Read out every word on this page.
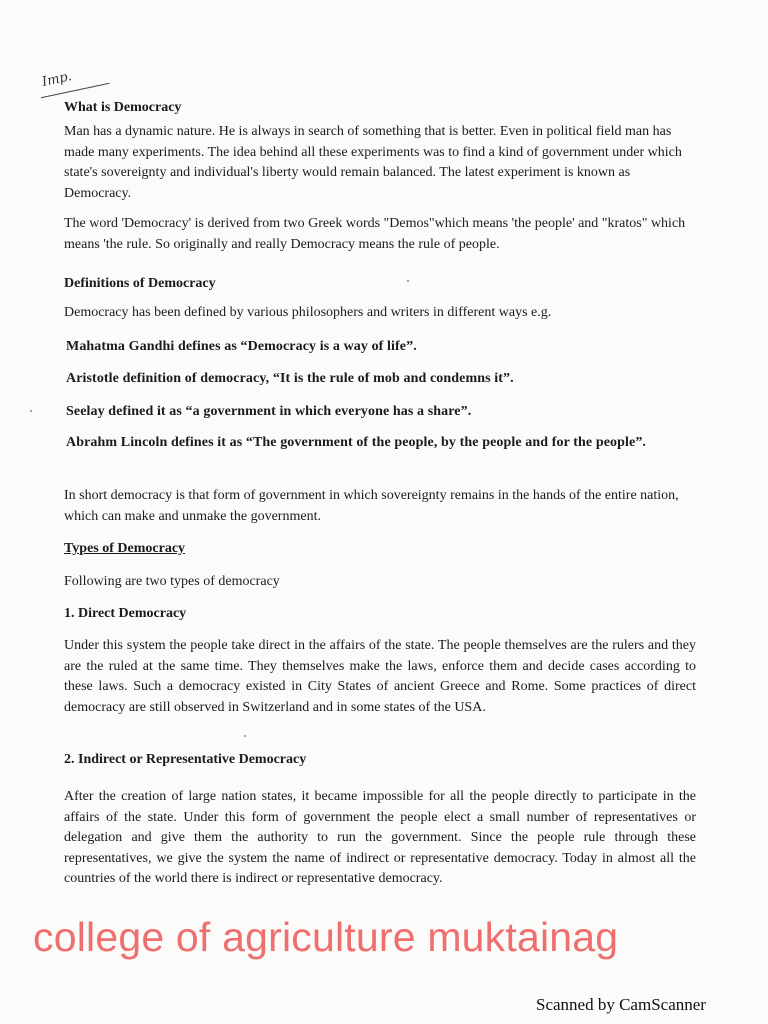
Imp.
What is Democracy
Man has a dynamic nature. He is always in search of something that is better. Even in political field man has made many experiments. The idea behind all these experiments was to find a kind of government under which state's sovereignty and individual's liberty would remain balanced. The latest experiment is known as Democracy.
The word 'Democracy' is derived from two Greek words "Demos"which means 'the people' and "kratos" which means 'the rule. So originally and really Democracy means the rule of people.
Definitions of Democracy
Democracy has been defined by various philosophers and writers in different ways e.g.
Mahatma Gandhi defines as “Democracy is a way of life”.
Aristotle definition of democracy, “It is the rule of mob and condemns it”.
Seelay defined it as “a government in which everyone has a share”.
Abrahm Lincoln defines it as “The government of the people, by the people and for the people”.
In short democracy is that form of government in which sovereignty remains in the hands of the entire nation, which can make and unmake the government.
Types of Democracy
Following are two types of democracy
1. Direct Democracy
Under this system the people take direct in the affairs of the state. The people themselves are the rulers and they are the ruled at the same time. They themselves make the laws, enforce them and decide cases according to these laws. Such a democracy existed in City States of ancient Greece and Rome. Some practices of direct democracy are still observed in Switzerland and in some states of the USA.
2. Indirect or Representative Democracy
After the creation of large nation states, it became impossible for all the people directly to participate in the affairs of the state. Under this form of government the people elect a small number of representatives or delegation and give them the authority to run the government. Since the people rule through these representatives, we give the system the name of indirect or representative democracy. Today in almost all the countries of the world there is indirect or representative democracy.
college of agriculture muktainag
Scanned by CamScanner
